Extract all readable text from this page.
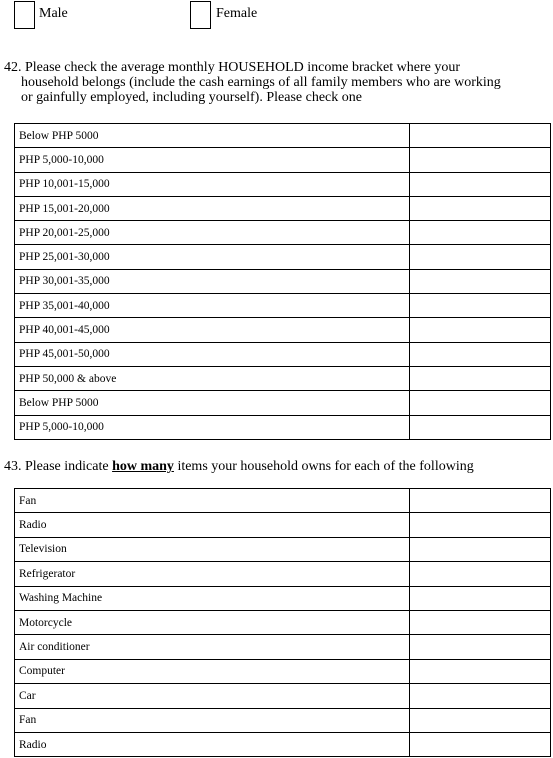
Male	Female
42. Please check the average monthly HOUSEHOLD income bracket where your
household belongs (include the cash earnings of all family members who are working
or gainfully employed, including yourself). Please check one
Below PHP 5000	
PHP 5,000-10,000	
PHP 10,001-15,000	
PHP 15,001-20,000	
PHP 20,001-25,000	
PHP 25,001-30,000	
PHP 30,001-35,000	
PHP 35,001-40,000	
PHP 40,001-45,000	
PHP 45,001-50,000	
PHP 50,000 & above	
Below PHP 5000	
PHP 5,000-10,000	
43. Please indicate how many items your household owns for each of the following
Fan	
Radio	
Television	
Refrigerator	
Washing Machine	
Motorcycle	
Air conditioner	
Computer	
Car	
Fan	
Radio	
